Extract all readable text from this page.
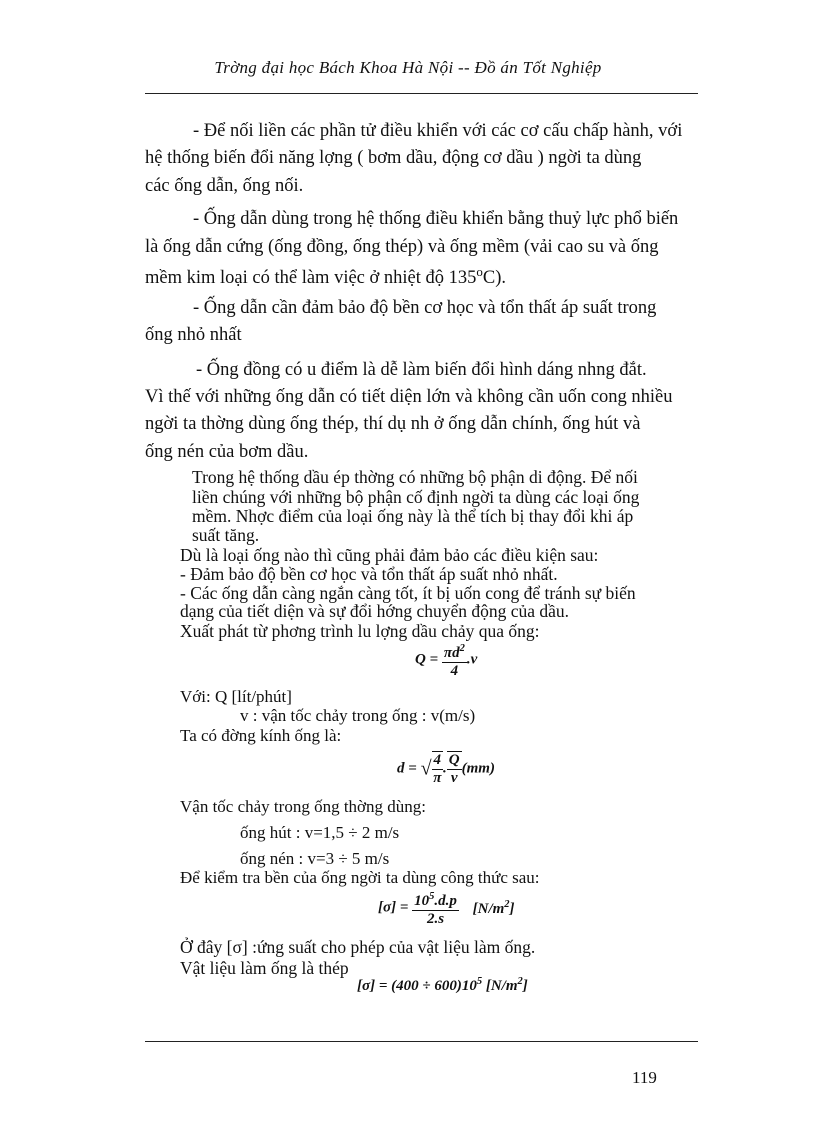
Trờng đại học Bách Khoa Hà Nội -- Đồ án Tốt Nghiệp
- Để nối liền các phần tử điều khiển với các cơ cấu chấp hành, với
hệ thống biến đổi năng lợng ( bơm dầu, động cơ dầu ) ngời ta dùng
các ống dẫn, ống nối.
- Ống dẫn dùng trong hệ thống điều khiển bằng thuỷ lực phổ biến
là ống dẫn cứng (ống đồng, ống thép) và ống mềm (vải cao su và ống
mềm kim loại có thể làm việc ở nhiệt độ 135$^o$C).
- Ống dẫn cần đảm bảo độ bền cơ học và tổn thất áp suất trong
ống nhỏ nhất
- Ống đồng có u điểm là dễ làm biến đổi hình dáng nhng đắt.
Vì thế với những ống dẫn có tiết diện lớn và không cần uốn cong nhiều
ngời ta thờng dùng ống thép, thí dụ nh ở ống dẫn chính, ống hút và
ống nén của bơm dầu.
Trong hệ thống dầu ép thờng có những bộ phận di động. Để nối
liền chúng với những bộ phận cố định ngời ta dùng các loại ống
mềm. Nhợc điểm của loại ống này là thể tích bị thay đổi khi áp
suất tăng.
Dù là loại ống nào thì cũng phải đảm bảo các điều kiện sau:
- Đảm bảo độ bền cơ học và tổn thất áp suất nhỏ nhất.
- Các ống dẫn càng ngắn càng tốt, ít bị uốn cong để tránh sự biến
dạng của tiết diện và sự đổi hớng chuyển động của dầu.
Xuất phát từ phơng trình lu lợng dầu chảy qua ống:
$Q = \frac{\pi d^2}{4} .v$
Với: Q [lít/phút]
v : vận tốc chảy trong ống : v(m/s)
Ta có đờng kính ống là:
d = √ $\frac{4}{\pi}$ . $\frac{Q}{v} (mm)$
Vận tốc chảy trong ống thờng dùng:
ống hút : v=1,5 ÷ 2 m/s
ống nén : v=3 ÷ 5 m/s
Để kiểm tra bền của ống ngời ta dùng công thức sau:
$[\sigma] = \frac{10^5.d.p}{2.s} [N/m^2]$
Ở đây [σ] :ứng suất cho phép của vật liệu làm ống.
Vật liệu làm ống là thép
$[\sigma] = (400 \div 600)10^5$ $[N/m^2]$
119
